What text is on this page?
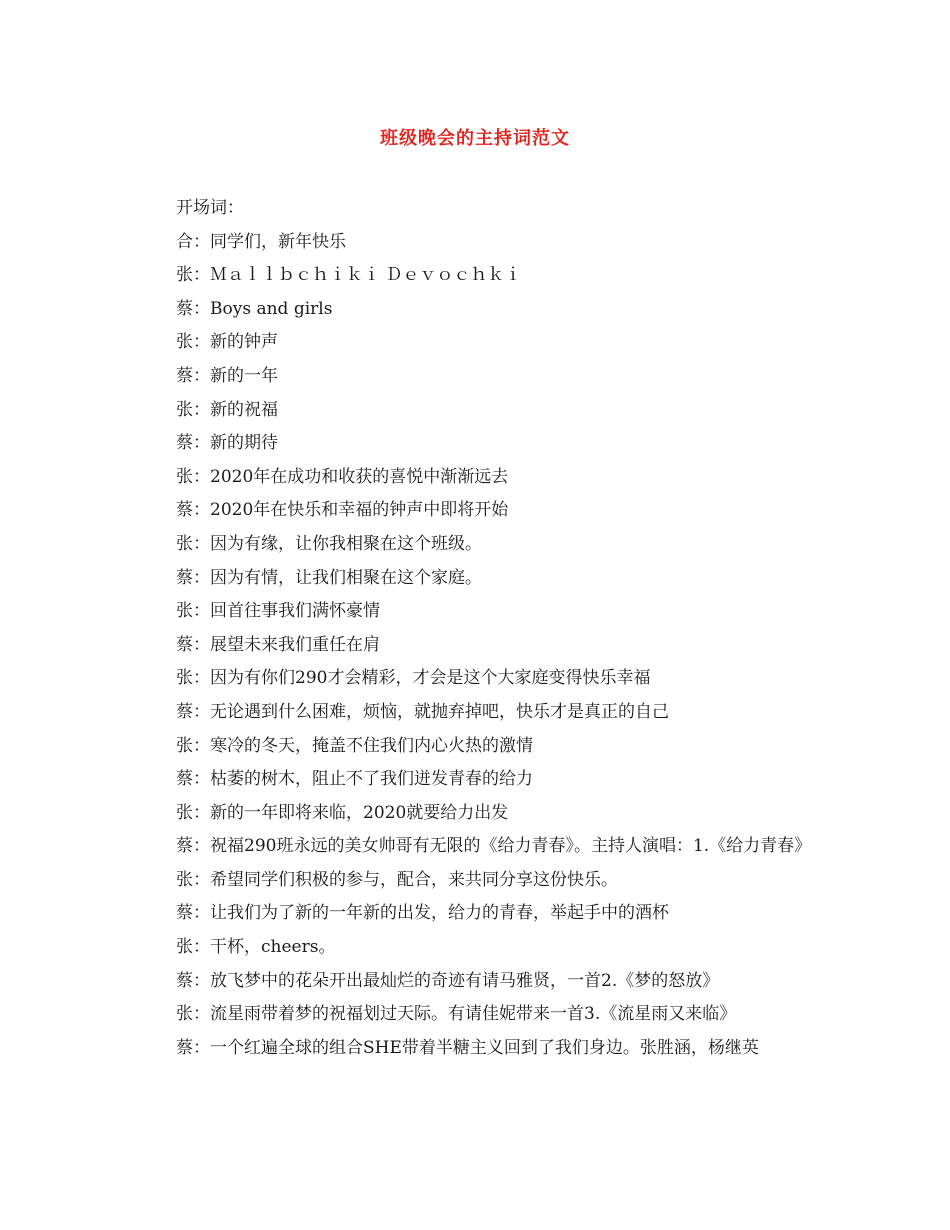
班级晚会的主持词范文

开场词：

合：同学们，新年快乐

张：Ｍａｌｌｂｃｈｉｋｉ Ｄｅｖｏｃｈｋｉ

蔡：Boys and girls

张：新的钟声

蔡：新的一年

张：新的祝福

蔡：新的期待

张：2020年在成功和收获的喜悦中渐渐远去

蔡：2020年在快乐和幸福的钟声中即将开始

张：因为有缘，让你我相聚在这个班级。

蔡：因为有情，让我们相聚在这个家庭。

张：回首往事我们满怀豪情

蔡：展望未来我们重任在肩

张：因为有你们290才会精彩，才会是这个大家庭变得快乐幸福

蔡：无论遇到什么困难，烦恼，就抛弃掉吧，快乐才是真正的自己

张：寒冷的冬天，掩盖不住我们内心火热的激情

蔡：枯萎的树木，阻止不了我们迸发青春的给力

张：新的一年即将来临，2020就要给力出发

蔡：祝福290班永远的美女帅哥有无限的《给力青春》。主持人演唱：1.《给力青春》

张：希望同学们积极的参与，配合，来共同分享这份快乐。

蔡：让我们为了新的一年新的出发，给力的青春，举起手中的酒杯

张：干杯，cheers。

蔡：放飞梦中的花朵开出最灿烂的奇迹有请马雅贤，一首2.《梦的怒放》

张：流星雨带着梦的祝福划过天际。有请佳妮带来一首3.《流星雨又来临》

蔡：一个红遍全球的组合SHE带着半糖主义回到了我们身边。张胜涵，杨继英
